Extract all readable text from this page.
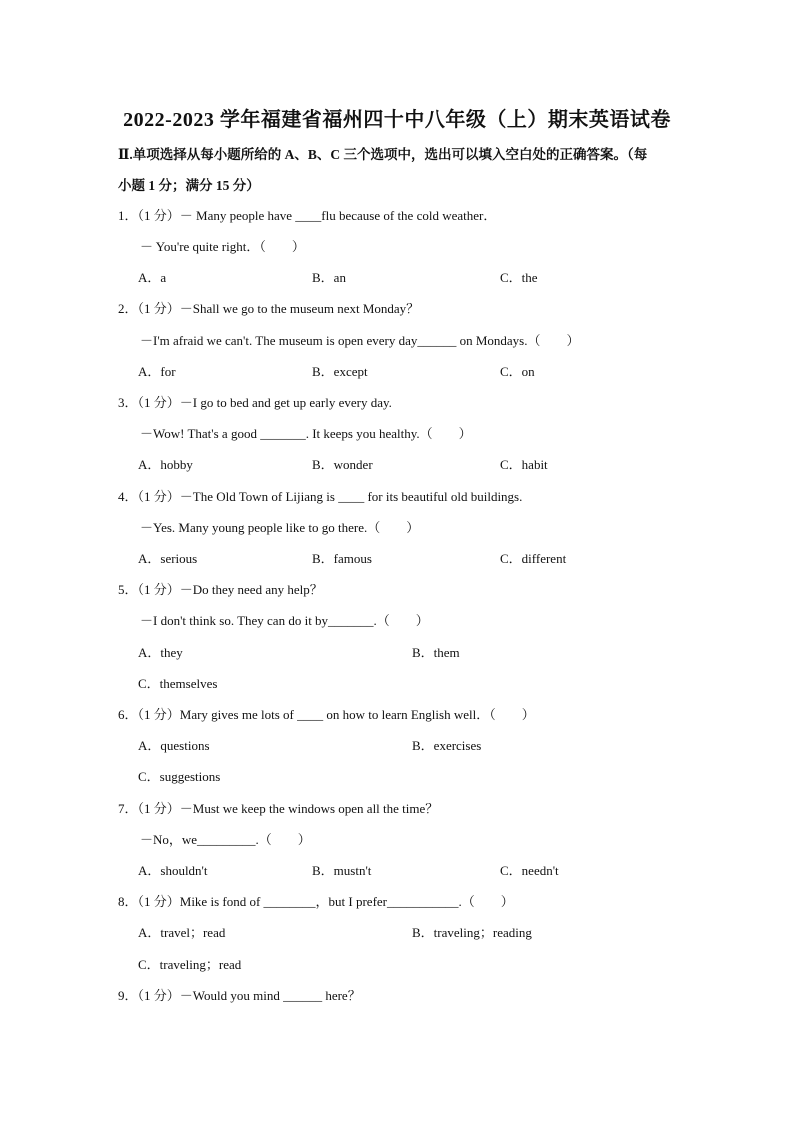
2022-2023 学年福建省福州四十中八年级（上）期末英语试卷
Ⅱ.单项选择从每小题所给的 A、B、C 三个选项中，选出可以填入空白处的正确答案。（每
小题 1 分；满分 15 分）
1．（1 分）－ Many people have ____flu because of the cold weather．
－ You're quite right．（　　）
A．a	B．an	C．the
2．（1 分）－Shall we go to the museum next Monday？
－I'm afraid we can't. The museum is open every day______ on Mondays.（　　）
A．for	B．except	C．on
3．（1 分）－I go to bed and get up early every day.
－Wow! That's a good _______. It keeps you healthy.（　　）
A．hobby	B．wonder	C．habit
4．（1 分）－The Old Town of Lijiang is ____ for its beautiful old buildings.
－Yes. Many young people like to go there.（　　）
A．serious	B．famous	C．different
5．（1 分）－Do they need any help？
－I don't think so. They can do it by_______.（　　）
A．they	B．them
C．themselves
6．（1 分）Mary gives me lots of ____ on how to learn English well．（　　）
A．questions	B．exercises
C．suggestions
7．（1 分）－Must we keep the windows open all the time？
－No，we_________.（　　）
A．shouldn't	B．mustn't	C．needn't
8．（1 分）Mike is fond of ________，but I prefer___________.（　　）
A．travel；read	B．traveling；reading
C．traveling；read
9．（1 分）－Would you mind ______ here？
